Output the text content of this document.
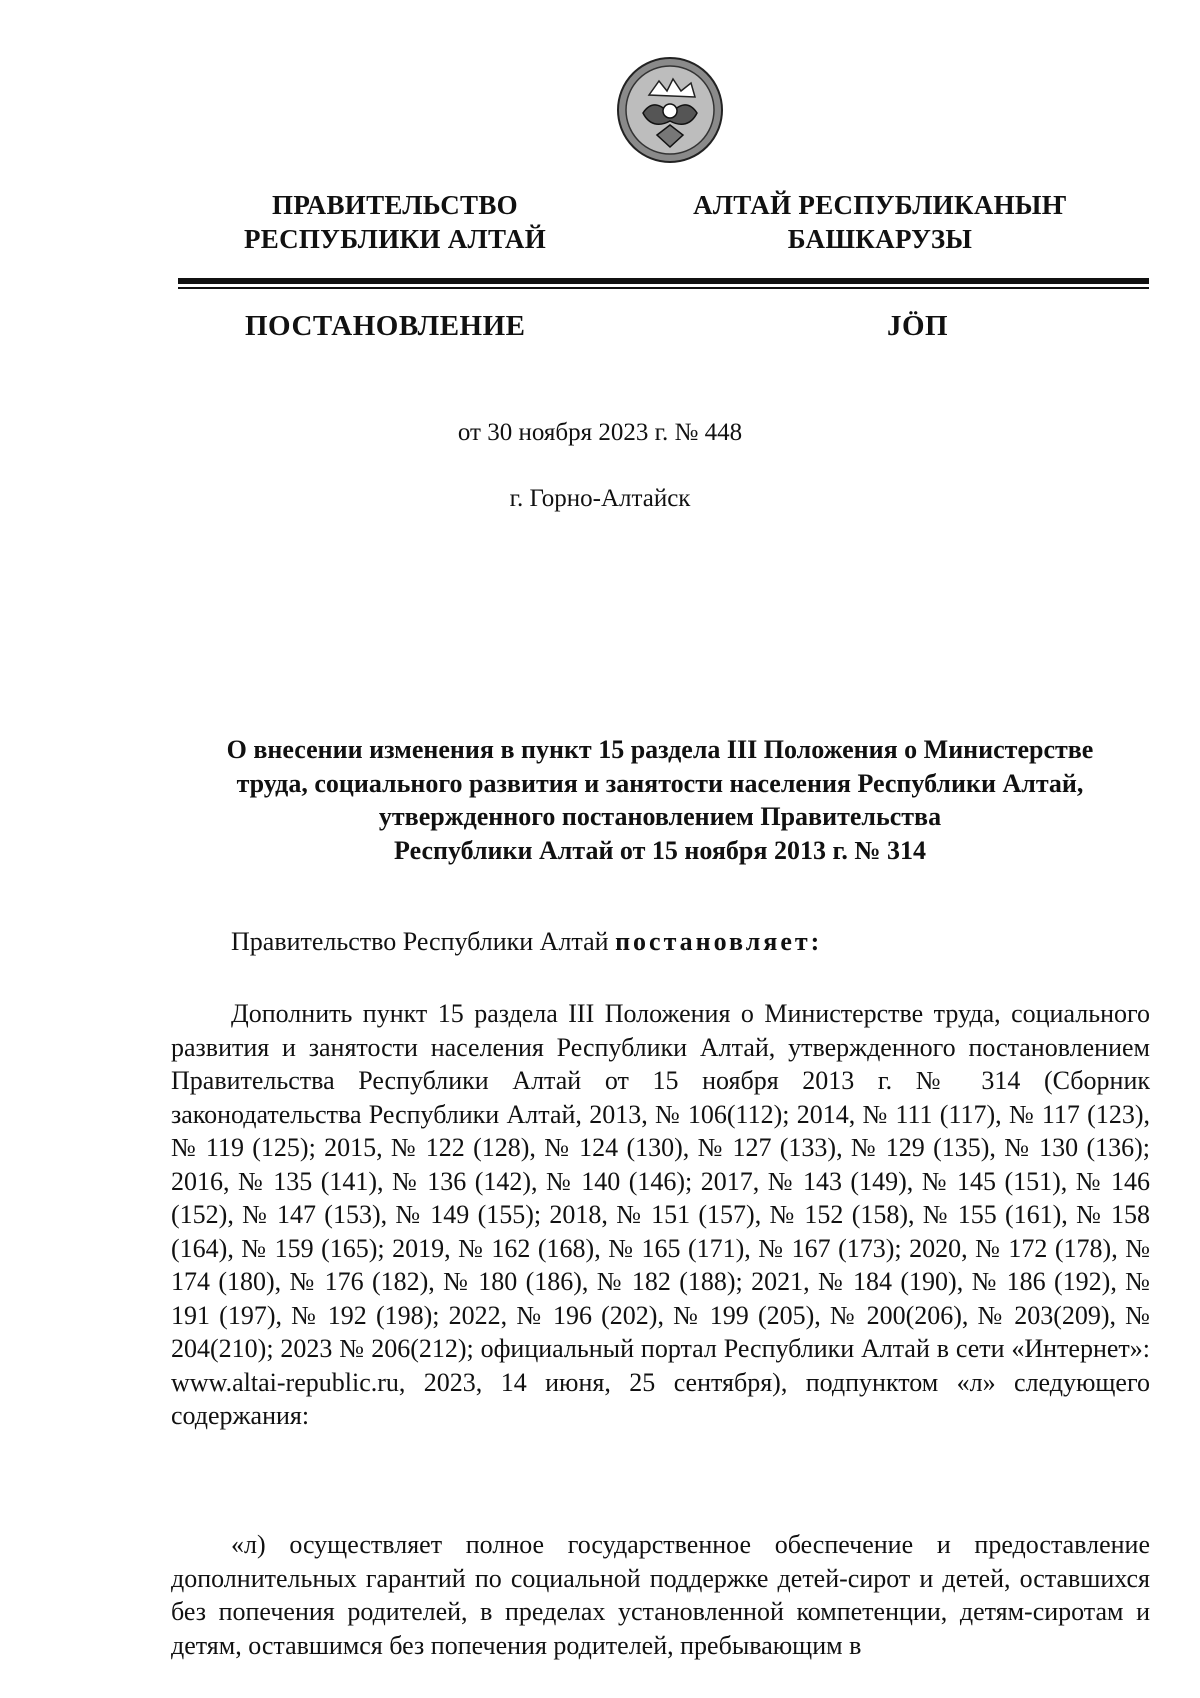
ПРАВИТЕЛЬСТВО
РЕСПУБЛИКИ АЛТАЙ
АЛТАЙ РЕСПУБЛИКАНЫҤ
БАШКАРУЗЫ
ПОСТАНОВЛЕНИЕ	JӦП
от 30 ноября 2023 г. № 448
г. Горно-Алтайск
О внесении изменения в пункт 15 раздела III Положения о Министерстве
труда, социального развития и занятости населения Республики Алтай,
утвержденного постановлением Правительства
Республики Алтай от 15 ноября 2013 г. № 314
Правительство Республики Алтай постановляет:
Дополнить пункт 15 раздела III Положения о Министерстве труда, социального развития и занятости населения Республики Алтай, утвержденного постановлением Правительства Республики Алтай от 15 ноября 2013 г. № 314 (Сборник законодательства Республики Алтай, 2013, № 106(112); 2014, № 111 (117), № 117 (123), № 119 (125); 2015, № 122 (128), № 124 (130), № 127 (133), № 129 (135), № 130 (136); 2016, № 135 (141), № 136 (142), № 140 (146); 2017, № 143 (149), № 145 (151), № 146 (152), № 147 (153), № 149 (155); 2018, № 151 (157), № 152 (158), № 155 (161), № 158 (164), № 159 (165); 2019, № 162 (168), № 165 (171), № 167 (173); 2020, № 172 (178), № 174 (180), № 176 (182), № 180 (186), № 182 (188); 2021, № 184 (190), № 186 (192), № 191 (197), № 192 (198); 2022, № 196 (202), № 199 (205), № 200(206), № 203(209), № 204(210); 2023 № 206(212); официальный портал Республики Алтай в сети «Интернет»: www.altai-republic.ru, 2023, 14 июня, 25 сентября), подпунктом «л» следующего содержания:
«л) осуществляет полное государственное обеспечение и предоставление дополнительных гарантий по социальной поддержке детей-сирот и детей, оставшихся без попечения родителей, в пределах установленной компетенции, детям-сиротам и детям, оставшимся без попечения родителей, пребывающим в
